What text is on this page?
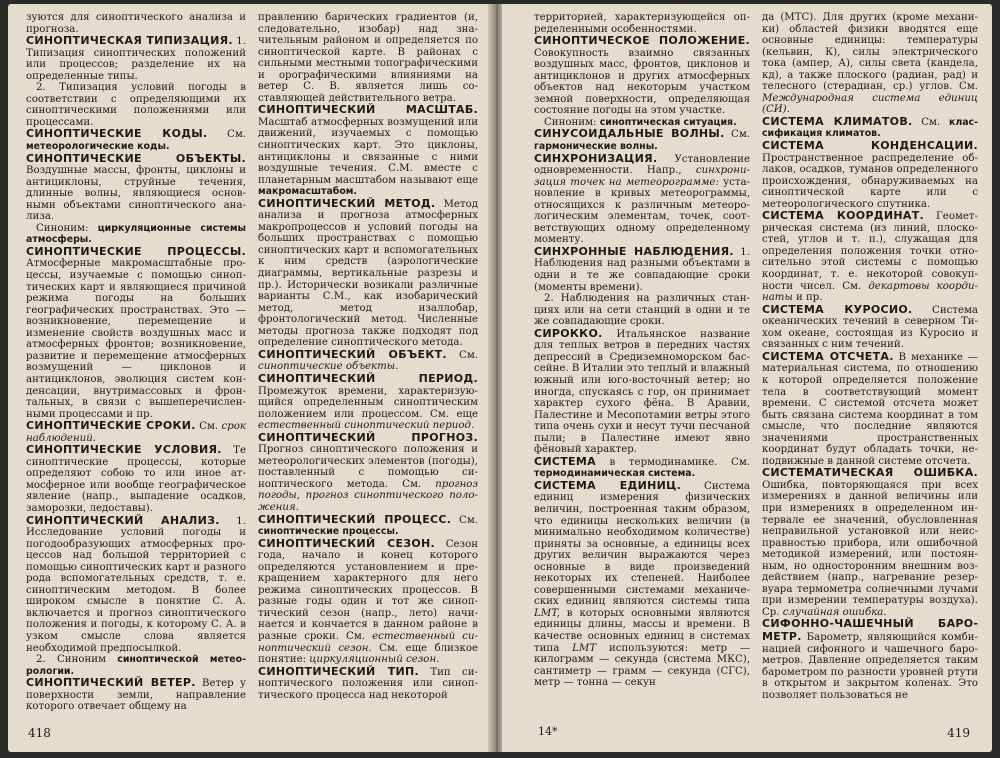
зуются для синоптического анализа и прогноза.

СИНОПТИЧЕСКАЯ ТИПИЗАЦИЯ. 1. Типизация синоптических положений или процессов; разделение их на определенные типы.

2. Типизация условий погоды в соответствии с определяющими их синоптическими положениями или процессами.

СИНОПТИЧЕСКИЕ КОДЫ. См. метеорологические коды.

СИНОПТИЧЕСКИЕ ОБЪЕКТЫ. Воздушные массы, фронты, циклоны и антициклоны, струйные течения, длинные волны, являющиеся основными объектами синоптического анализа.

Синоним: циркуляционные системы атмосферы.

СИНОПТИЧЕСКИЕ ПРОЦЕССЫ. Атмосферные макромасштабные процессы, изучаемые с помощью синоптических карт и являющиеся причиной режима погоды на больших географических пространствах. Это — возникновение, перемещение и изменение свойств воздушных масс и атмосферных фронтов; возникновение, развитие и перемещение атмосферных возмущений — циклонов и антициклонов, эволюция систем конденсации, внутримассовых и фронтальных, в связи с вышеперечисленными процессами и пр.

СИНОПТИЧЕСКИЕ СРОКИ. См. срок наблюдений.

СИНОПТИЧЕСКИЕ УСЛОВИЯ. Те синоптические процессы, которые определяют собою то или иное атмосферное или вообще географическое явление (напр., выпадение осадков, заморозки, ледоставы).

СИНОПТИЧЕСКИЙ АНАЛИЗ. 1. Исследование условий погоды и погодообразующих атмосферных процессов над большой территорией с помощью синоптических карт и разного рода вспомогательных средств, т. е. синоптическим методом. В более широком смысле в понятие С. А. включается и прогноз синоптического положения и погоды, к которому С. А. в узком смысле слова является необходимой предпосылкой.

2. Синоним синоптической метеорологии.

СИНОПТИЧЕСКИЙ ВЕТЕР. Ветер у поверхности земли, направление которого отвечает общему на

правлению барических градиентов (и, следовательно, изобар) над значительным районом и определяется по синоптической карте. В районах с сильными местными топографическими и орографическими влияниями на ветер С. В. является лишь составляющей действительного ветра.

СИНОПТИЧЕСКИЙ МАСШТАБ. Масштаб атмосферных возмущений или движений, изучаемых с помощью синоптических карт. Это циклоны, антициклоны и связанные с ними воздушные течения. С.М. вместе с планетарным масштабом называют еще макромасштабом.

СИНОПТИЧЕСКИЙ МЕТОД. Метод анализа и прогноза атмосферных макропроцессов и условий погоды на больших пространствах с помощью синоптических карт и вспомогательных к ним средств (аэрологические диаграммы, вертикальные разрезы и пр.). Исторически возикали различные варианты С.М., как изобарический метод, метод изаллобар, фронтологический метод. Численные методы прогноза также подходят под определение синоптического метода.

СИНОПТИЧЕСКИЙ ОБЪЕКТ. См. синоптические объекты.

СИНОПТИЧЕСКИЙ ПЕРИОД. Промежуток времени, характеризующийся определенным синоптическим положением или процессом. См. еще естественный синоптический период.

СИНОПТИЧЕСКИЙ ПРОГНОЗ. Прогноз синоптического положения и метеорологических элементов (погоды), поставленный с помощью синоптического метода. См. прогноз погоды, прогноз синоптического положения.

СИНОПТИЧЕСКИЙ ПРОЦЕСС. См. синоптические процессы.

СИНОПТИЧЕСКИЙ СЕЗОН. Сезон года, начало и конец которого определяются установлением и прекращением характерного для него режима синоптических процессов. В разные годы один и тот же синоптический сезон (напр., лето) начинается и кончается в данном районе в разные сроки. См. естественный синоптический сезон. См. еще близкое понятие: циркуляционный сезон.

СИНОПТИЧЕСКИЙ ТИП. Тип синоптического положения или синоптического процесса над некоторой

418

территорией, характеризующейся определенными особенностями.

СИНОПТИЧЕСКОЕ ПОЛОЖЕНИЕ. Совокупность взаимно связанных воздушных масс, фронтов, циклонов и антициклонов и других атмосферных объектов над некоторым участком земной поверхности, определяющая состояние погоды на этом участке.

Синоним: синоптическая ситуация.

СИНУСОИДАЛЬНЫЕ ВОЛНЫ. См. гармонические волны.

СИНХРОНИЗАЦИЯ. Установление одновременности. Напр., синхронизация точек на метеорограмме: установление в кривых метеорограммы, относящихся к различным метеорологическим элементам, точек, соответствующих одному определенному моменту.

СИНХРОННЫЕ НАБЛЮДЕНИЯ. 1. Наблюдения над разными объектами в одни и те же совпадающие сроки (моменты времени).

2. Наблюдения на различных станциях или на сети станций в одни и те же совпадающие сроки.

СИРОККО. Итальянское название для теплых ветров в передних частях депрессий в Средиземноморском бассейне. В Италии это теплый и влажный южный или юго-восточный ветер; но иногда, спускаясь с гор, он принимает характер сухого фёна. В Аравии, Палестине и Месопотамии ветры этого типа очень сухи и несут тучи песчаной пыли; в Палестине имеют явно фёновый характер.

СИСТЕМА в термодинамике. См. термодинамическая система.

СИСТЕМА ЕДИНИЦ. Система единиц измерения физических величин, построенная таким образом, что единицы нескольких величин (в минимально необходимом количестве) приняты за основные, а единицы всех других величин выражаются через основные в виде произведений некоторых их степеней. Наиболее совершенными системами механических единиц являются системы типа LMT, в которых основными являются единицы длины, массы и времени. В качестве основных единиц в системах типа LMT используются: метр — килограмм — секунда (система МКС), сантиметр — грамм — секунда (СГС), метр — тонна — секун

да (МТС). Для других (кроме механики) областей физики вводятся еще основные единицы: температуры (кельвин, К), силы электрического тока (ампер, А), силы света (кандела, кд), а также плоского (радиан, рад) и телесного (стерадиан, ср.) углов. См. Международная система единиц (СИ).

СИСТЕМА КЛИМАТОВ. См. классификация климатов.

СИСТЕМА КОНДЕНСАЦИИ. Пространственное распределение облаков, осадков, туманов определенного происхождения, обнаруживаемых на синоптической карте или с метеорологического спутника.

СИСТЕМА КООРДИНАТ. Геометрическая система (из линий, плоскостей, углов и т. п.), служащая для определения положения точки относительно этой системы с помощью координат, т. е. некоторой совокупности чисел. См. декартовы координаты и пр.

СИСТЕМА КУРОСИО. Система океанических течений в северном Тихом океане, состоящая из Куросио и связанных с ним течений.

СИСТЕМА ОТСЧЕТА. В механике — материальная система, по отношению к которой определяется положение тела в соответствующий момент времени. С системой отсчета может быть связана система координат в том смысле, что последние являются значениями пространственных координат будут обладать точки, неподвижные в данной системе отсчета.

СИСТЕМАТИЧЕСКАЯ ОШИБКА. Ошибка, повторяющаяся при всех измерениях в данной величины или при измерениях в определенном интервале ее значений, обусловленная неправильной установкой или неисправностью прибора, или ошибочной методикой измерений, или постоянным, но односторонним внешним воздействием (напр., нагревание резервуара термометра солнечными лучами при измерении температуры воздуха). Ср. случайная ошибка.

СИФОННО-ЧАШЕЧНЫЙ БАРОМЕТР. Барометр, являющийся комбинацией сифонного и чашечного барометров. Давление определяется таким барометром по разности уровней ртути в открытом и закрытом коленах. Это позволяет пользоваться не

14*	419
